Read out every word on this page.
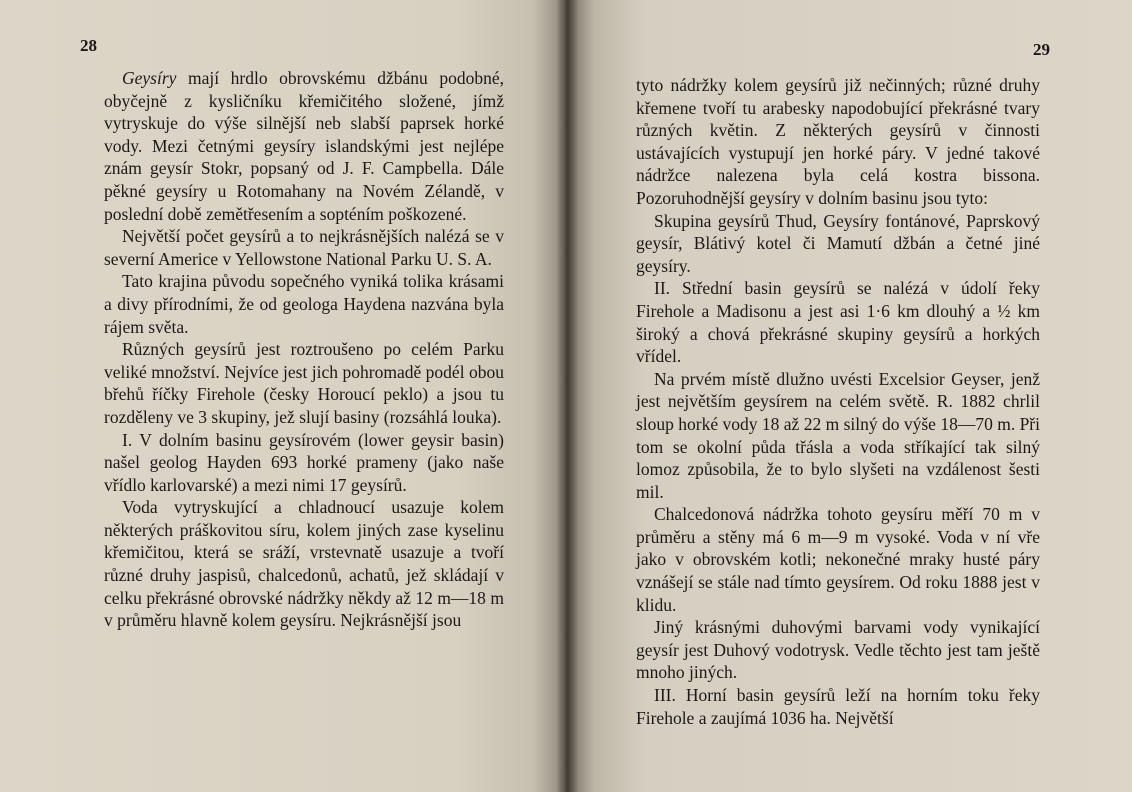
28

Geysíry mají hrdlo obrovskému džbánu podobné, obyčejně z kysličníku křemičitého složené, jímž vytryskuje do výše silnější neb slabší paprsek horké vody. Mezi četnými geysíry islandskými jest nejlépe znám geysír Stokr, popsaný od J. F. Campbella. Dále pěkné geysíry u Rotomahany na Novém Zélandě, v poslední době zemětřesením a sopténím poškozené.

Největší počet geysírů a to nejkrásnějších nalézá se v severní Americe v Yellowstone National Parku U. S. A.

Tato krajina původu sopečného vyniká tolika krásami a divy přírodními, že od geologa Haydena nazvána byla rájem světa.

Různých geysírů jest roztroušeno po celém Parku veliké množství. Nejvíce jest jich pohromadě podél obou břehů říčky Firehole (česky Horoucí peklo) a jsou tu rozděleny ve 3 skupiny, jež slují basiny (rozsáhlá louka).

I. V dolním basinu geysírovém (lower geysir basin) našel geolog Hayden 693 horké prameny (jako naše vřídlo karlovarské) a mezi nimi 17 geysírů.

Voda vytryskující a chladnoucí usazuje kolem některých práškovitou síru, kolem jiných zase kyselinu křemičitou, která se sráží, vrstevnatě usazuje a tvoří různé druhy jaspisů, chalcedonů, achatů, jež skládají v celku překrásné obrovské nádržky někdy až 12 m—18 m v průměru hlavně kolem geysíru. Nejkrásnější jsou

29

tyto nádržky kolem geysírů již nečinných; různé druhy křemene tvoří tu arabesky napodobující překrásné tvary různých květin. Z některých geysírů v činnosti ustávajících vystupují jen horké páry. V jedné takové nádržce nalezena byla celá kostra bissona. Pozoruhodnější geysíry v dolním basinu jsou tyto:

Skupina geysírů Thud, Geysíry fontánové, Paprskový geysír, Blátivý kotel či Mamutí džbán a četné jiné geysíry.

II. Střední basin geysírů se nalézá v údolí řeky Firehole a Madisonu a jest asi 1·6 km dlouhý a ½ km široký a chová překrásné skupiny geysírů a horkých vřídel.

Na prvém místě dlužno uvésti Excelsior Geyser, jenž jest největším geysírem na celém světě. R. 1882 chrlil sloup horké vody 18 až 22 m silný do výše 18—70 m. Při tom se okolní půda třásla a voda stříkající tak silný lomoz způsobila, že to bylo slyšeti na vzdálenost šesti mil.

Chalcedonová nádržka tohoto geysíru měří 70 m v průměru a stěny má 6 m—9 m vysoké. Voda v ní vře jako v obrovském kotli; nekonečné mraky husté páry vznášejí se stále nad tímto geysírem. Od roku 1888 jest v klidu.

Jiný krásnými duhovými barvami vody vynikající geysír jest Duhový vodotrysk. Vedle těchto jest tam ještě mnoho jiných.

III. Horní basin geysírů leží na horním toku řeky Firehole a zaujímá 1036 ha. Největší
